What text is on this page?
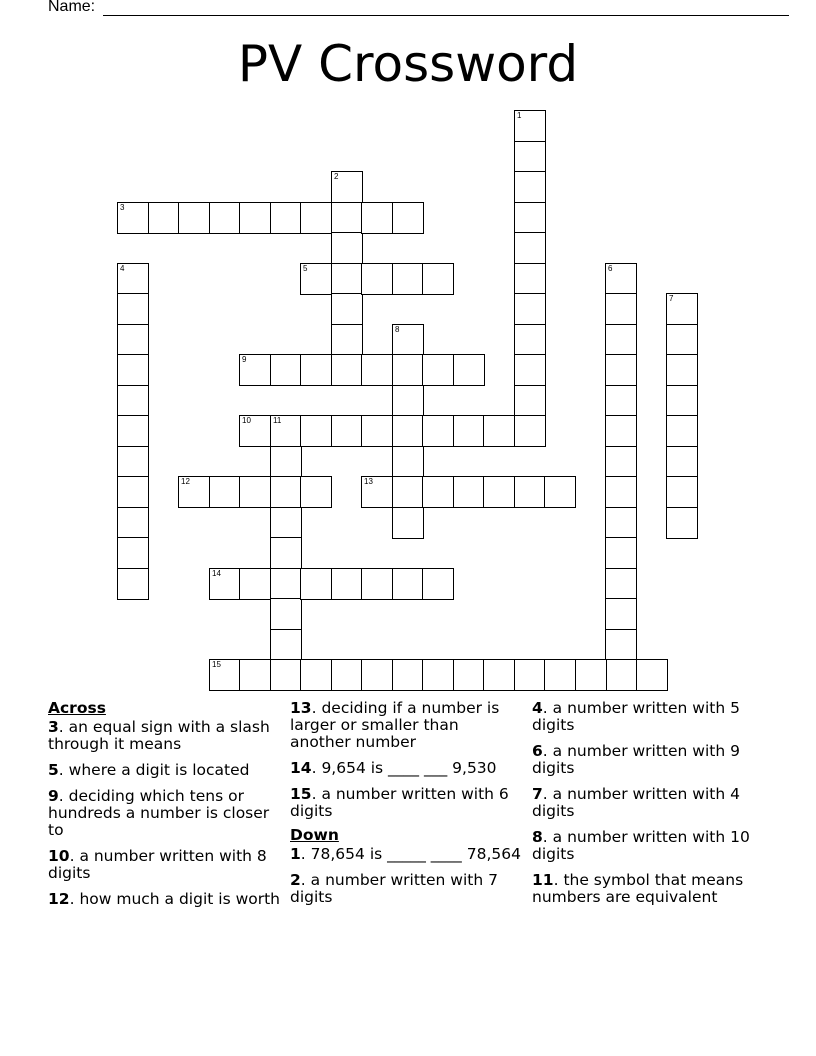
Name:
PV Crossword
1
2
3
4	5	6
7
8
9
10	11
12	13
14
15
Across
3. an equal sign with a slash through it means
5. where a digit is located
9. deciding which tens or hundreds a number is closer to
10. a number written with 8 digits
12. how much a digit is worth
13. deciding if a number is larger or smaller than another number
14. 9,654 is ____ ___ 9,530
15. a number written with 6 digits
Down
1. 78,654 is _____ ____ 78,564
2. a number written with 7 digits
4. a number written with 5 digits
6. a number written with 9 digits
7. a number written with 4 digits
8. a number written with 10 digits
11. the symbol that means numbers are equivalent
